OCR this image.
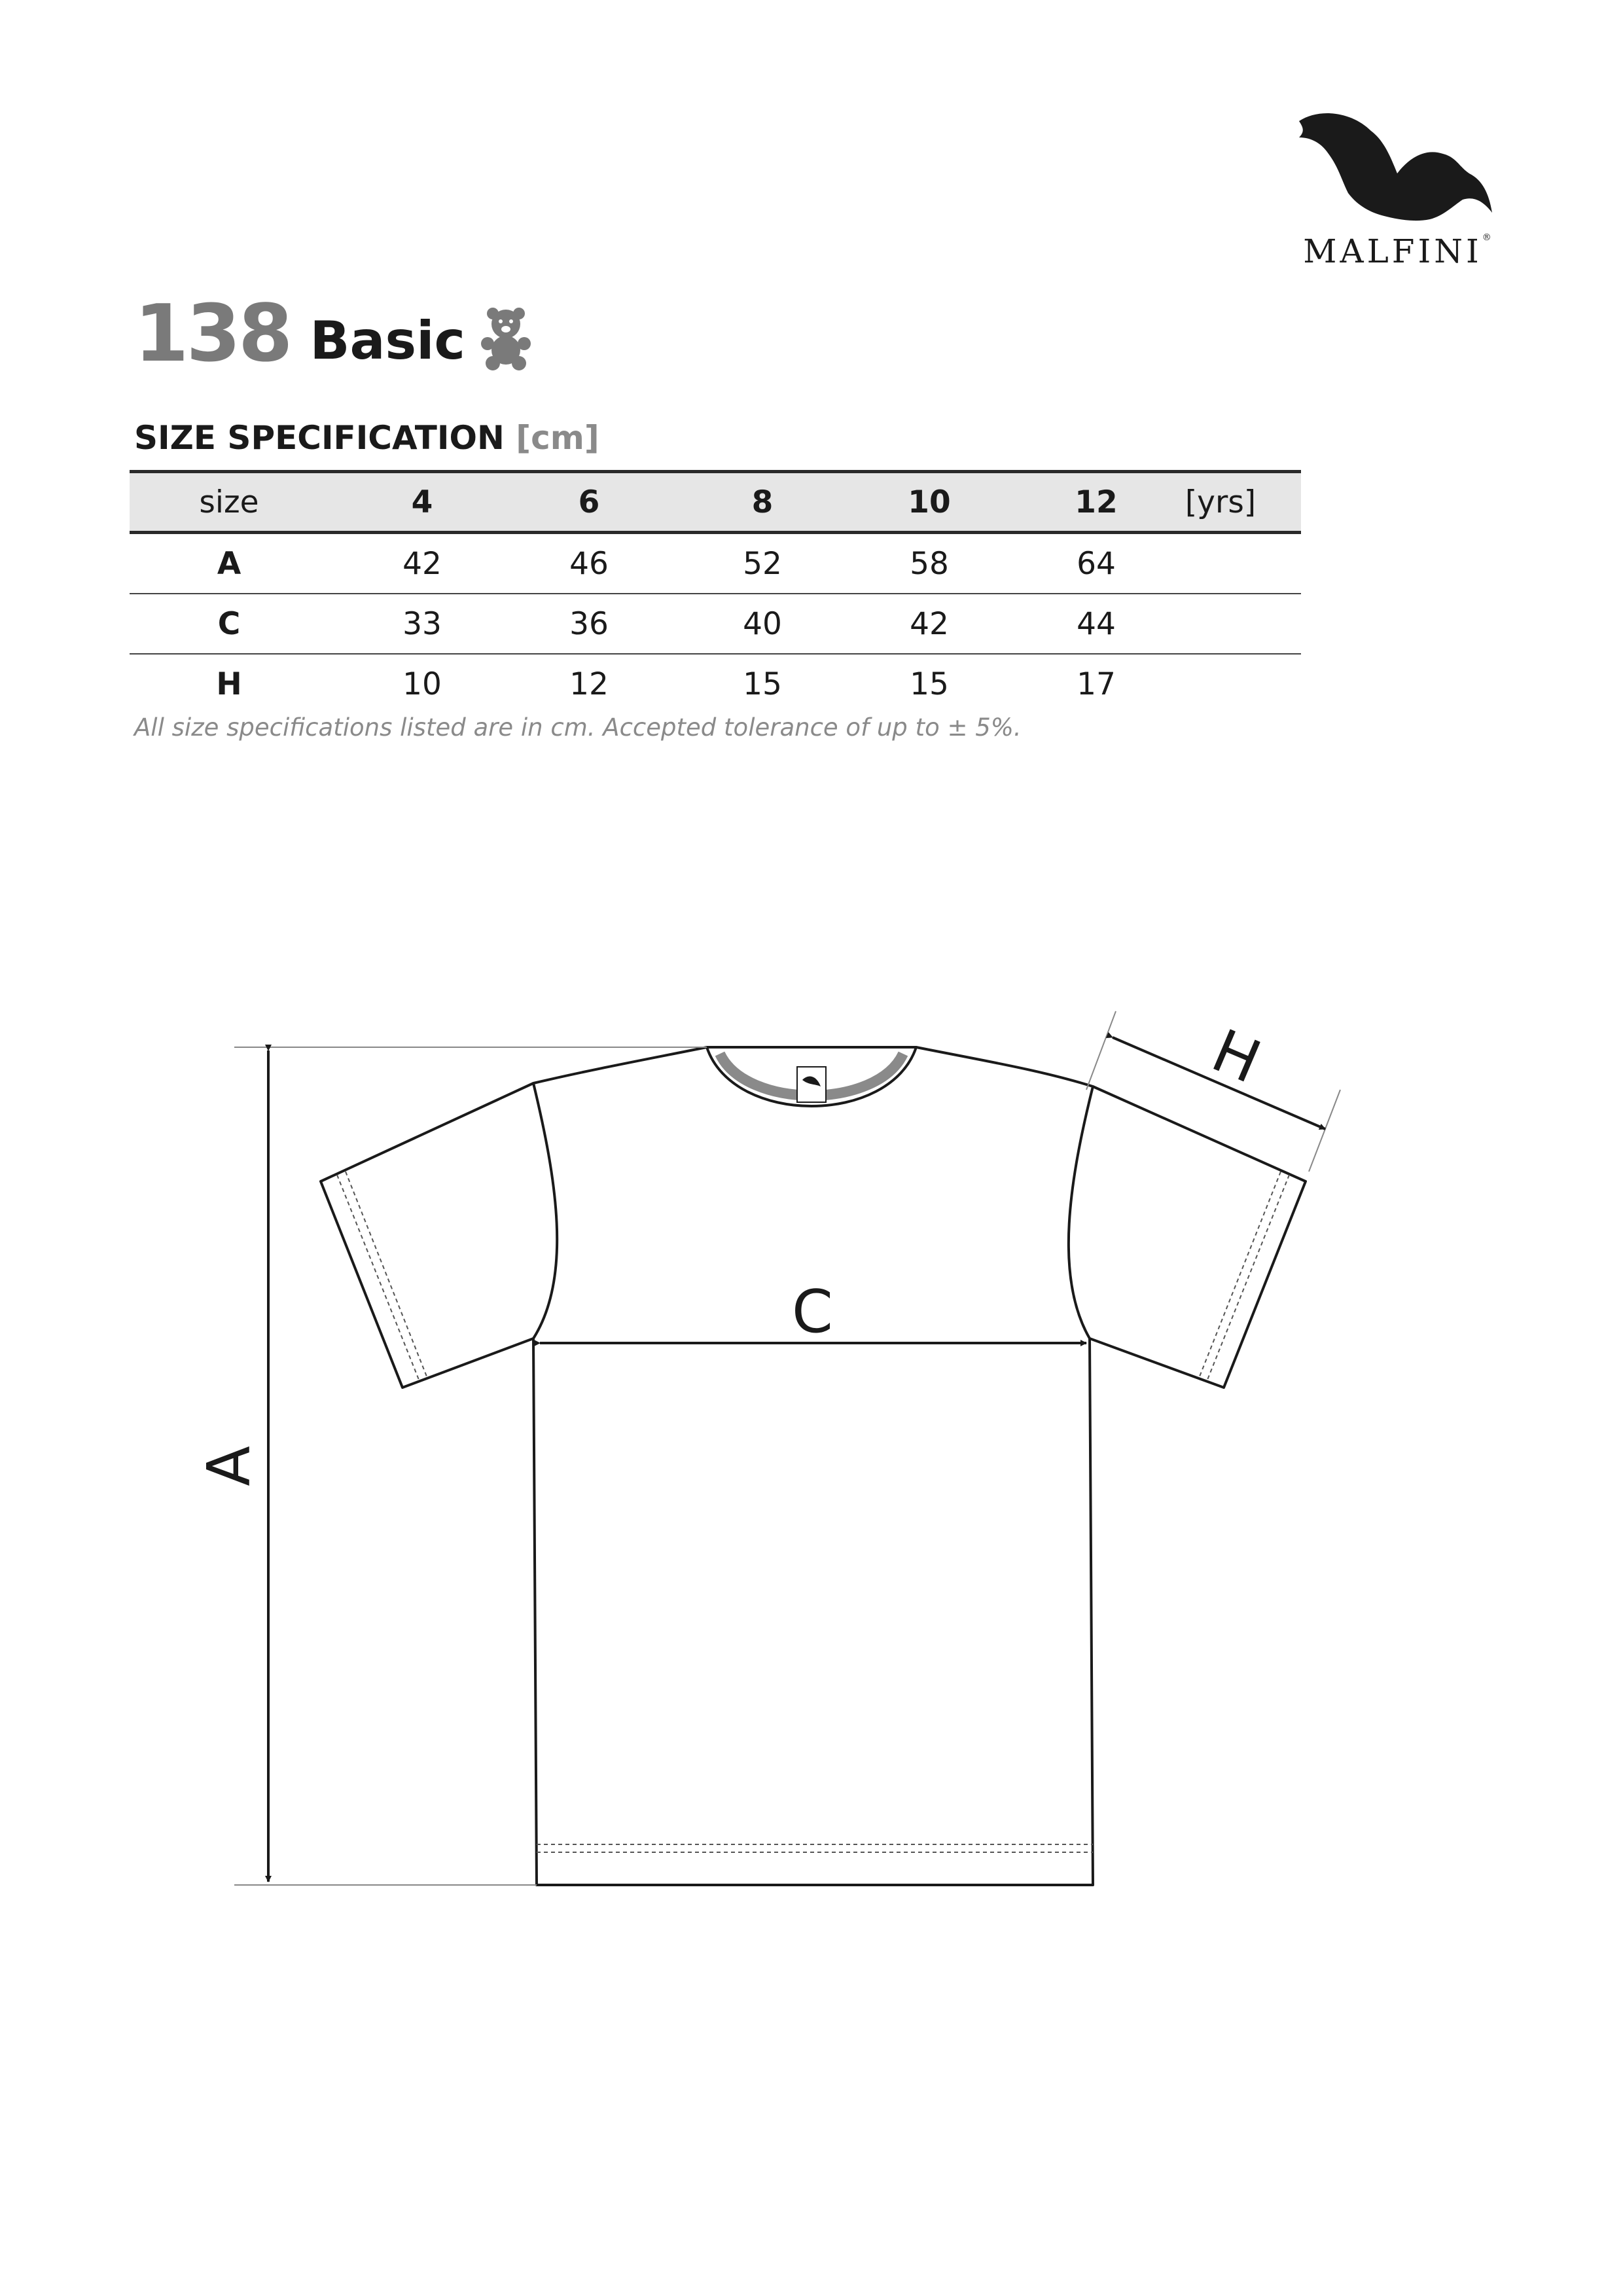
MALFINI®
138 Basic
SIZE SPECIFICATION [cm]
size	4	6	8	10	12	[yrs]
A	42	46	52	58	64
C	33	36	40	42	44
H	10	12	15	15	17
All size specifications listed are in cm. Accepted tolerance of up to ± 5%.
A
C
H
